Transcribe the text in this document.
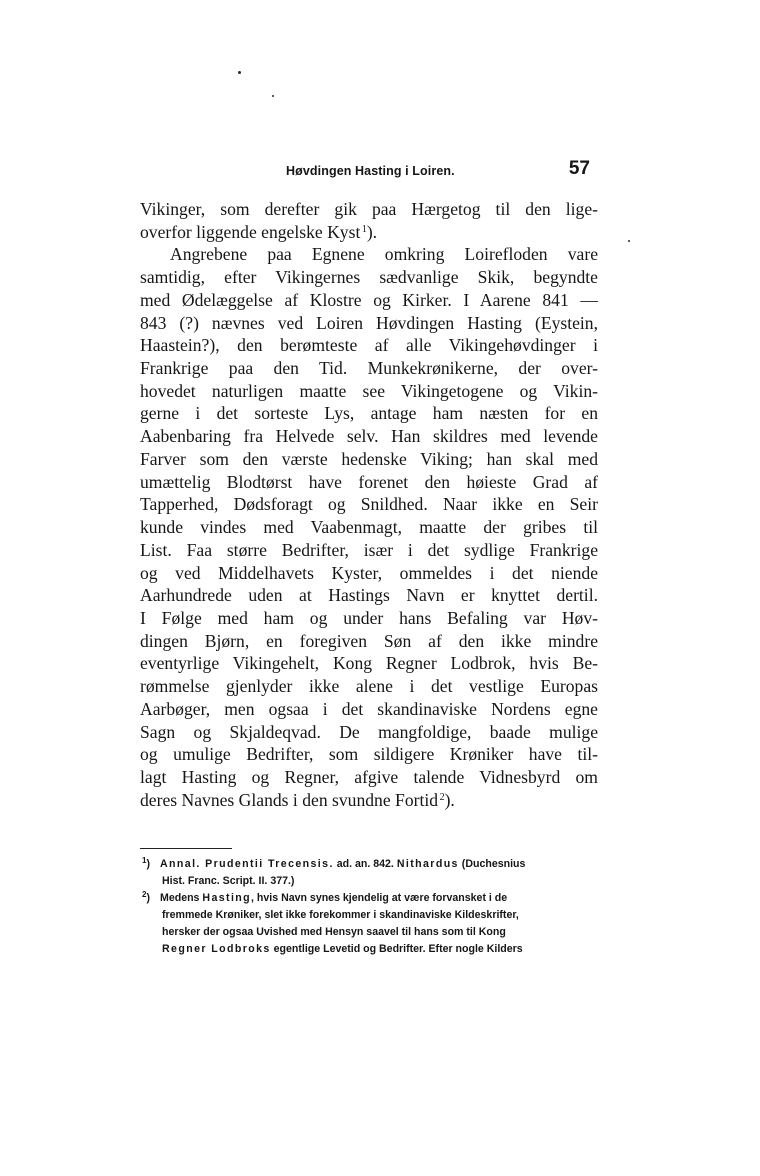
Høvdingen Hasting i Loiren.	57
Vikinger, som derefter gik paa Hærgetog til den lige-
overfor liggende engelske Kyst $^1$).
Angrebene paa Egnene omkring Loirefloden vare
samtidig, efter Vikingernes sædvanlige Skik, begyndte
med Ødelæggelse af Klostre og Kirker. I Aarene 841 —
843 (?) nævnes ved Loiren Høvdingen Hasting (Eystein,
Haastein?), den berømteste af alle Vikingehøvdinger i
Frankrige paa den Tid. Munkekrønikerne, der over-
hovedet naturligen maatte see Vikingetogene og Vikin-
gerne i det sorteste Lys, antage ham næsten for en
Aabenbaring fra Helvede selv. Han skildres med levende
Farver som den værste hedenske Viking; han skal med
umættelig Blodtørst have forenet den høieste Grad af
Tapperhed, Dødsforagt og Snildhed. Naar ikke en Seir
kunde vindes med Vaabenmagt, maatte der gribes til
List. Faa større Bedrifter, især i det sydlige Frankrige
og ved Middelhavets Kyster, ommeldes i det niende
Aarhundrede uden at Hastings Navn er knyttet dertil.
I Følge med ham og under hans Befaling var Høv-
dingen Bjørn, en foregiven Søn af den ikke mindre
eventyrlige Vikingehelt, Kong Regner Lodbrok, hvis Be-
rømmelse gjenlyder ikke alene i det vestlige Europas
Aarbøger, men ogsaa i det skandinaviske Nordens egne
Sagn og Skjaldeqvad. De mangfoldige, baade mulige
og umulige Bedrifter, som sildigere Krøniker have til-
lagt Hasting og Regner, afgive talende Vidnesbyrd om
deres Navnes Glands i den svundne Fortid $^2$).
$^1$) Annal. Prudentii Trecensis. ad. an. 842. Nithardus (Duchesnius
Hist. Franc. Script. II. 377.)
$^2$) Medens Hasting, hvis Navn synes kjendelig at være forvansket i de
fremmede Krøniker, slet ikke forekommer i skandinaviske Kildeskrifter,
hersker der ogsaa Uvished med Hensyn saavel til hans som til Kong
Regner Lodbroks egentlige Levetid og Bedrifter. Efter nogle Kilders
